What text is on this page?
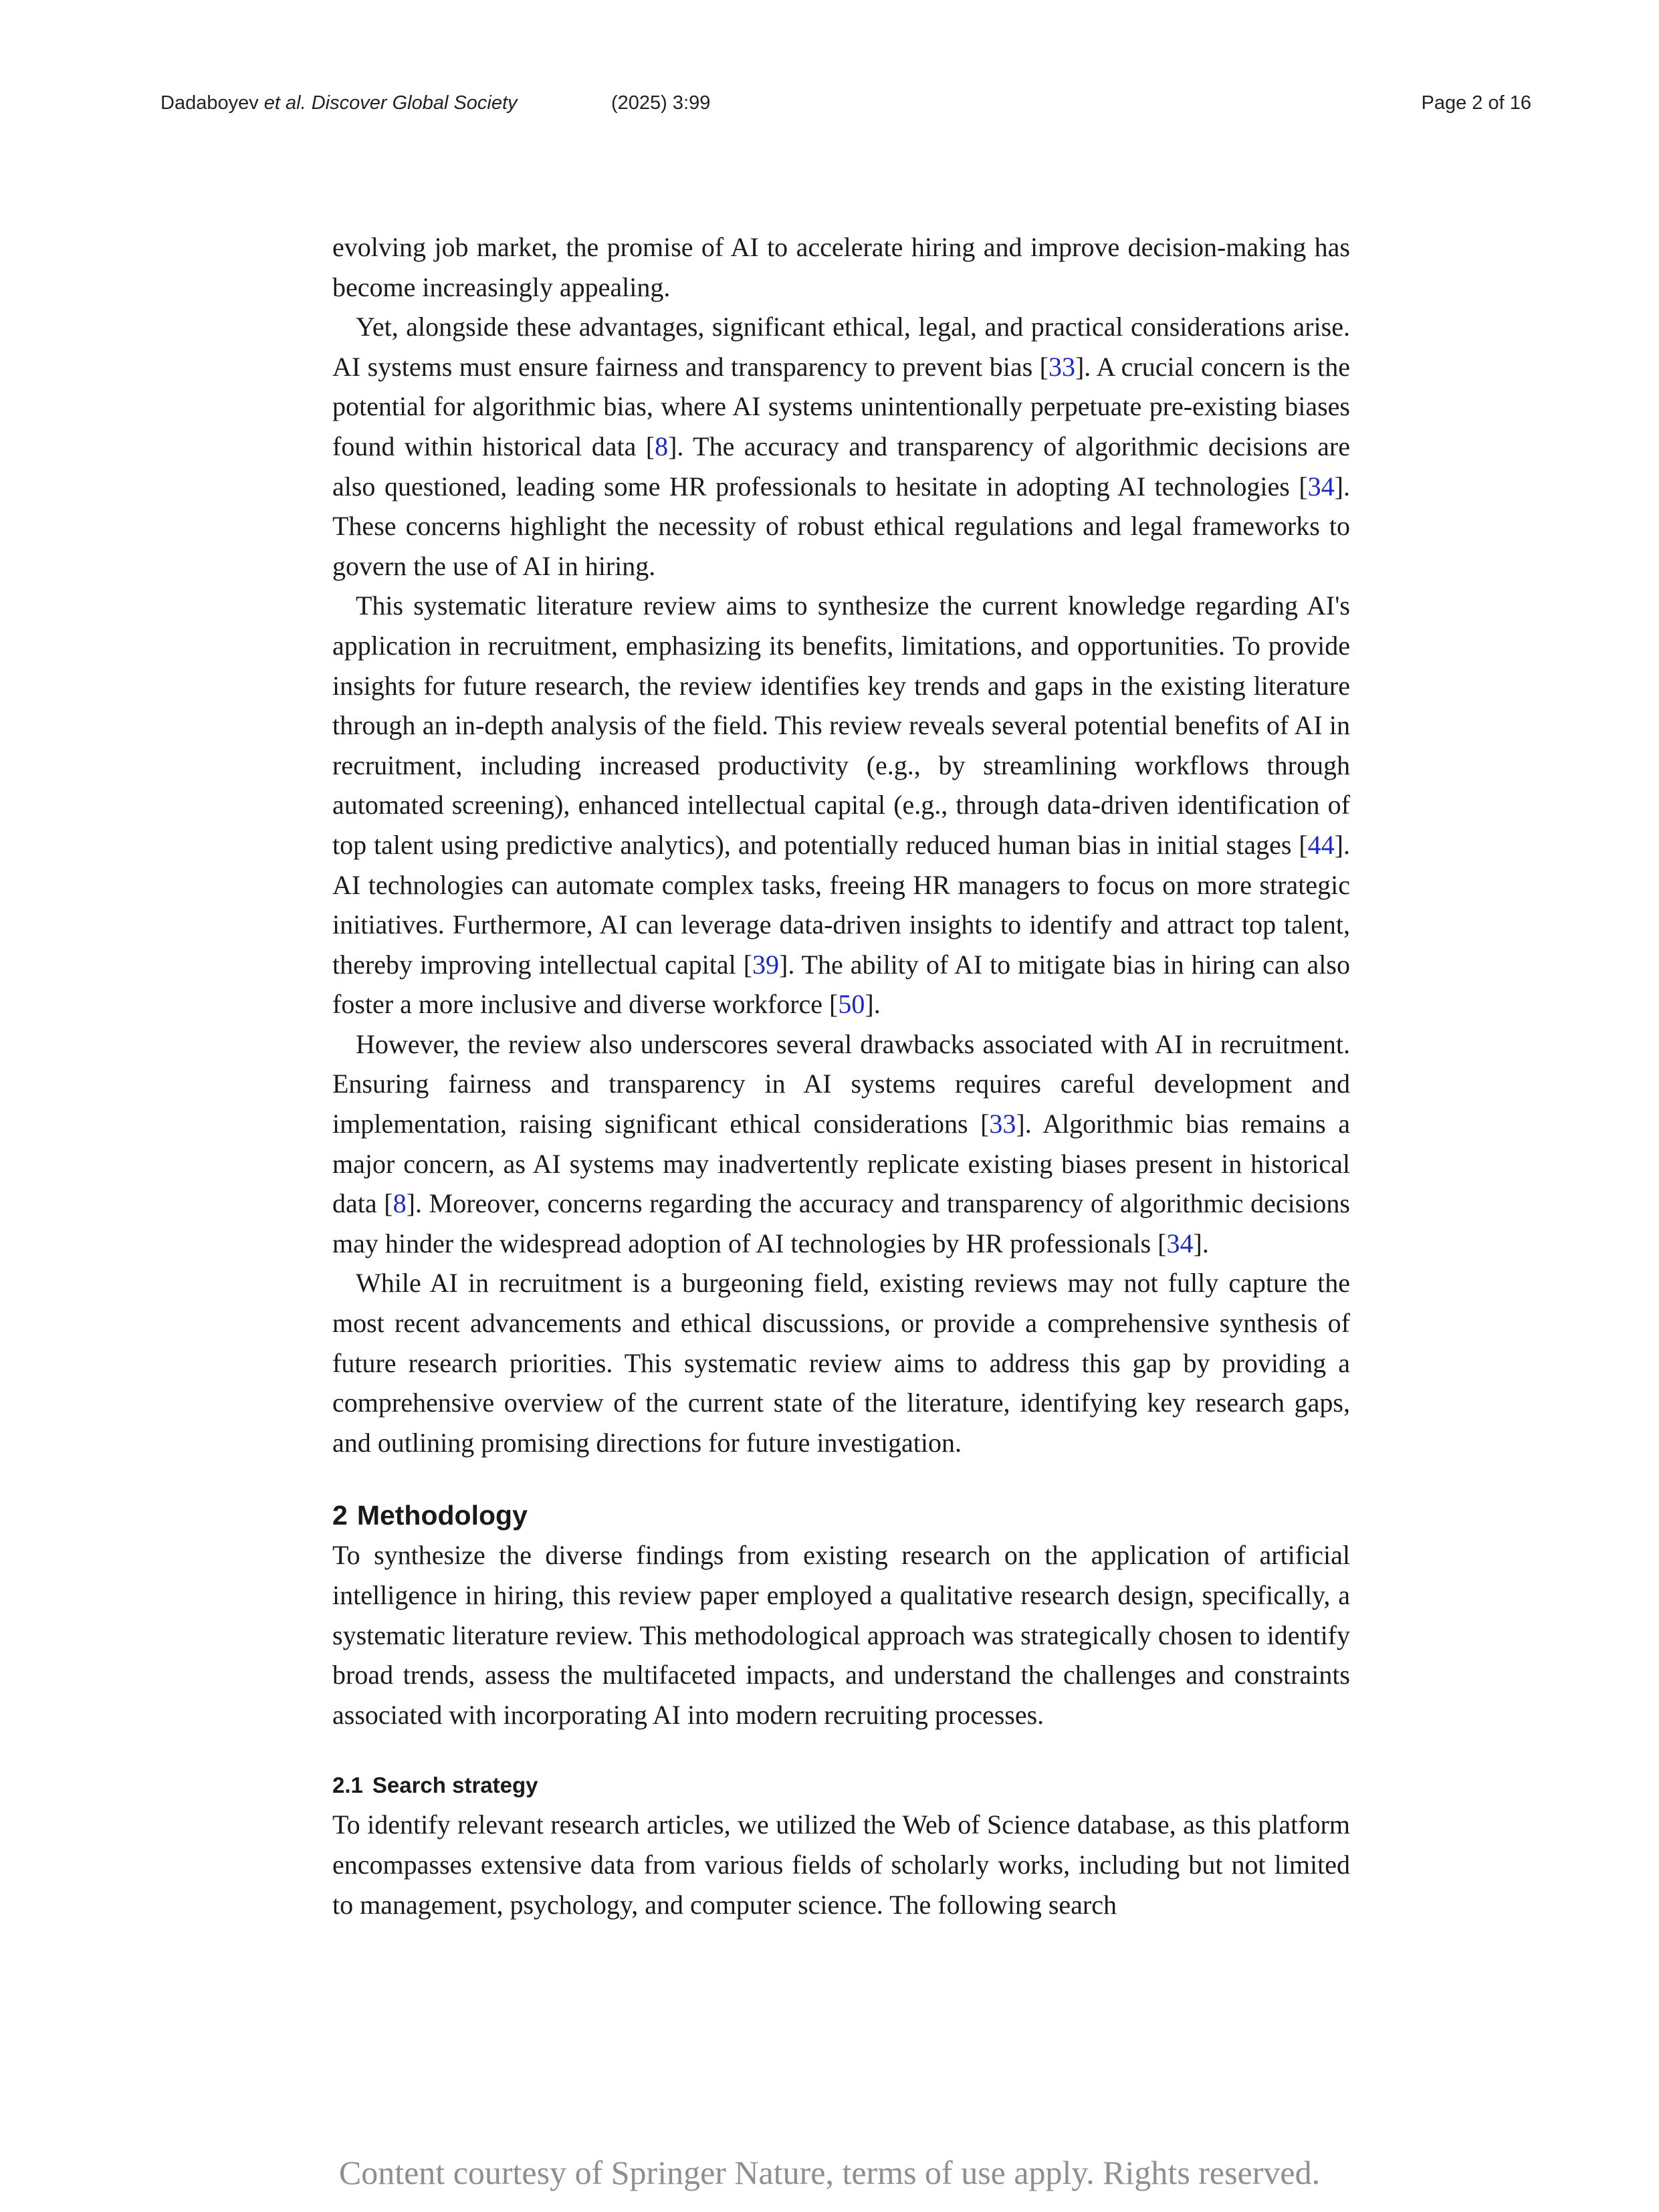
Dadaboyev et al. Discover Global Society	(2025) 3:99	Page 2 of 16

evolving job market, the promise of AI to accelerate hiring and improve decision-making has become increasingly appealing.

Yet, alongside these advantages, significant ethical, legal, and practical considerations arise. AI systems must ensure fairness and transparency to prevent bias [33]. A crucial concern is the potential for algorithmic bias, where AI systems unintentionally perpetuate pre-existing biases found within historical data [8]. The accuracy and transparency of algorithmic decisions are also questioned, leading some HR professionals to hesitate in adopting AI technologies [34]. These concerns highlight the necessity of robust ethical regulations and legal frameworks to govern the use of AI in hiring.

This systematic literature review aims to synthesize the current knowledge regarding AI's application in recruitment, emphasizing its benefits, limitations, and opportunities. To provide insights for future research, the review identifies key trends and gaps in the existing literature through an in-depth analysis of the field. This review reveals several potential benefits of AI in recruitment, including increased productivity (e.g., by streamlining workflows through automated screening), enhanced intellectual capital (e.g., through data-driven identification of top talent using predictive analytics), and potentially reduced human bias in initial stages [44]. AI technologies can automate complex tasks, freeing HR managers to focus on more strategic initiatives. Furthermore, AI can leverage data-driven insights to identify and attract top talent, thereby improving intellectual capital [39]. The ability of AI to mitigate bias in hiring can also foster a more inclusive and diverse workforce [50].

However, the review also underscores several drawbacks associated with AI in recruitment. Ensuring fairness and transparency in AI systems requires careful development and implementation, raising significant ethical considerations [33]. Algorithmic bias remains a major concern, as AI systems may inadvertently replicate existing biases present in historical data [8]. Moreover, concerns regarding the accuracy and transparency of algorithmic decisions may hinder the widespread adoption of AI technologies by HR professionals [34].

While AI in recruitment is a burgeoning field, existing reviews may not fully capture the most recent advancements and ethical discussions, or provide a comprehensive synthesis of future research priorities. This systematic review aims to address this gap by providing a comprehensive overview of the current state of the literature, identifying key research gaps, and outlining promising directions for future investigation.

2 Methodology

To synthesize the diverse findings from existing research on the application of artificial intelligence in hiring, this review paper employed a qualitative research design, specifically, a systematic literature review. This methodological approach was strategically chosen to identify broad trends, assess the multifaceted impacts, and understand the challenges and constraints associated with incorporating AI into modern recruiting processes.

2.1 Search strategy

To identify relevant research articles, we utilized the Web of Science database, as this platform encompasses extensive data from various fields of scholarly works, including but not limited to management, psychology, and computer science. The following search

Content courtesy of Springer Nature, terms of use apply. Rights reserved.
